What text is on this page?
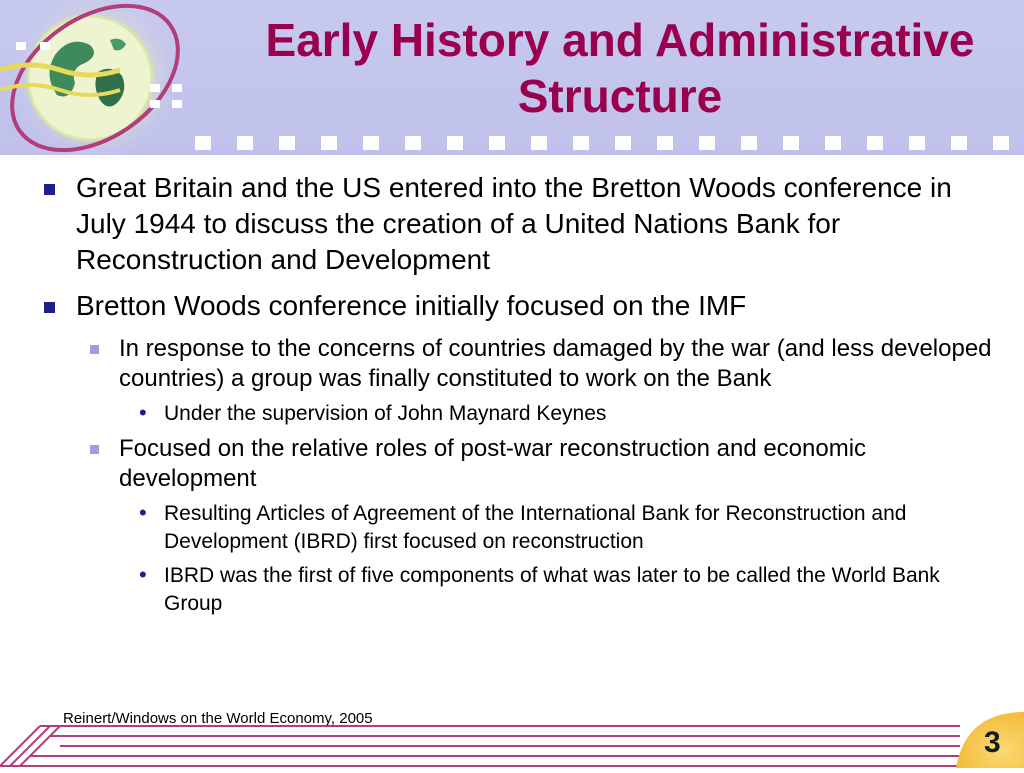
Early History and Administrative Structure
Great Britain and the US entered into the Bretton Woods conference in July 1944 to discuss the creation of a United Nations Bank for Reconstruction and Development
Bretton Woods conference initially focused on the IMF
In response to the concerns of countries damaged by the war (and less developed countries) a group was finally constituted to work on the Bank
• Under the supervision of John Maynard Keynes
Focused on the relative roles of post-war reconstruction and economic development
• Resulting Articles of Agreement of the International Bank for Reconstruction and Development (IBRD) first focused on reconstruction
• IBRD was the first of five components of what was later to be called the World Bank Group
Reinert/Windows on the World Economy, 2005
3
